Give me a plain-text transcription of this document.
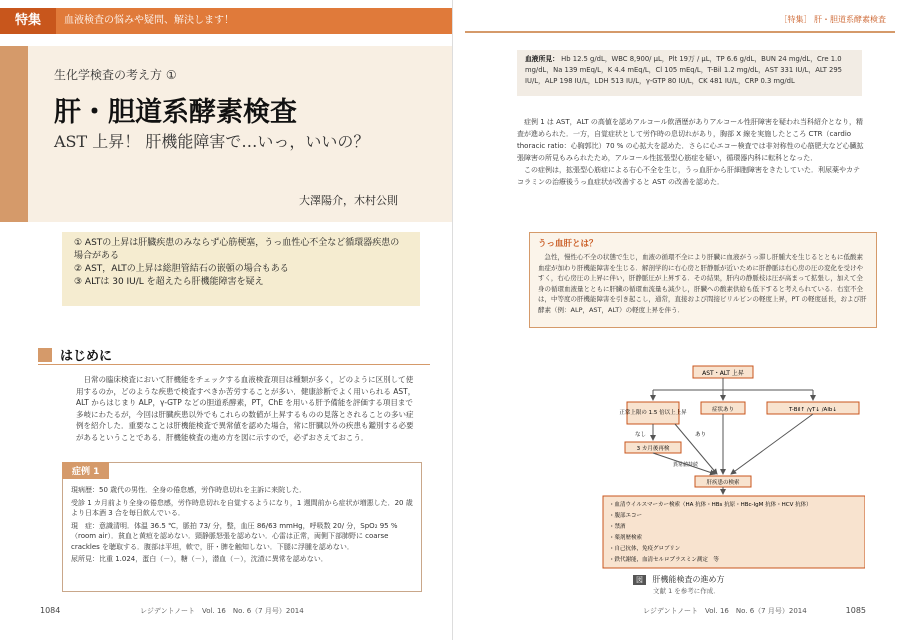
特集	血液検査の悩みや疑問、解決します！
生化学検査の考え方 ①
肝・胆道系酵素検査
AST 上昇！ 肝機能障害で…いっ，いいの？
大澤陽介，木村公則
① ASTの上昇は肝臓疾患のみならず心筋梗塞，うっ血性心不全など循環器疾患の場合がある
② AST，ALTの上昇は総胆管結石の嵌頓の場合もある
③ ALTは 30 IU/L を超えたら肝機能障害を疑え
はじめに
日常の臨床検査において肝機能をチェックする血液検査項目は種類が多く，どのように区別して使用するのか，どのような疾患で検査すべきか苦労することが多い．健康診断でよく用いられる AST，ALT からはじまり ALP，γ-GTP などの胆道系酵素，PT，ChE を用いる肝予備能を評価する項目まで多岐にわたるが，今回は肝臓疾患以外でもこれらの数値が上昇するものの見落とされることの多い症例を紹介した．重要なことは肝機能検査で異常値を認めた場合，常に肝臓以外の疾患も鑑別する必要があるということである．肝機能検査の進め方を図に示すので，必ずおさえておこう．
症例 1
現病歴：50 歳代の男性．全身の倦怠感，労作時息切れを主訴に来院した．
受診 1 カ月前より全身の倦怠感，労作時息切れを自覚するようになり，1 週間前から症状が増悪した．20 歳より日本酒 3 合を毎日飲んでいる．
現　症：意識清明．体温 36.5 ℃，脈拍 73/ 分，整，血圧 86/63 mmHg，呼吸数 20/ 分，SpO₂ 95 %（room air）．貧血と黄疸を認めない．頸静脈怒張を認めない．心雷は正常，両側下部肺野に coarse crackles を聴取する．腹部は平坦，軟で，肝・脾を触知しない．下腿に浮腫を認めない．
尿所見：比重 1.024，蛋白（－），糖（－），潜血（－），沈渣に異常を認めない．
1084	レジデントノート　Vol. 16　No. 6（7 月号）2014
［特集］ 肝・胆道系酵素検査
血液所見： Hb 12.5 g/dL，WBC 8,900/ μL，Plt 19万 / μL，TP 6.6 g/dL，BUN 24 mg/dL，Cre 1.0 mg/dL，Na 139 mEq/L，K 4.4 mEq/L，Cl 105 mEq/L，T-Bil 1.2 mg/dL，AST 331 IU/L，ALT 295 IU/L，ALP 198 IU/L，LDH 513 IU/L，γ-GTP 80 IU/L，CK 481 IU/L，CRP 0.3 mg/dL

症例 1 は AST，ALT の高値を認めアルコール飲酒歴がありアルコール性肝障害を疑われ当科紹介となり，精査が進められた．一方，自覚症状として労作時の息切れがあり，胸部 X 線を実施したところ CTR（cardio thoracic ratio：心胸郭比）70 % の心拡大を認めた．さらに心エコー検査では非対称性の心筋肥大など心臓拡張障害の所見もみられたため，アルコール性拡張型心筋症を疑い，循環器内科に転科となった．

この症例は，拡張型心筋症による右心不全を生じ，うっ血肝から肝細胞障害をきたしていた．利尿薬やカテコラミンの治療後うっ血症状が改善すると AST の改善を認めた．

うっ血肝とは？
急性，慢性心不全の状態で生じ，血液の循環不全により肝臓に血液がうっ滞し肝腫大を生じるとともに低酸素血症が加わり肝機能障害を生じる．解剖学的に右心房と肝静脈が近いために肝静脈は右心房の圧の変化を受けやすく，右心房圧の上昇に伴い，肝静脈圧が上昇する．その結果，肝内の静脈枝は圧が高まって拡張し，加えて全身の循環血液量とともに肝臓の循環血流量も減少し，肝臓への酸素供給も低下すると考えられている．右室不全は，中等度の肝機能障害を引き起こし，通常，直接および間接ビリルビンの軽度上昇，PT の軽度延長，および肝酵素（例：ALP，AST，ALT）の軽度上昇を伴う．
AST・ALT 上昇
正常上限の 1.5 倍以上上昇	症状あり	T-Bil↑ /γT↓ /Alb↓
なし	あり
3 カ月後再検
異常値持続
肝疾患の検索
・血清ウイルスマーカー検索（HA 抗体・HBs 抗原・HBc-IgM 抗体・HCV 抗体）
・腹部エコー
・禁酒
・薬剤歴検索
・自己抗体，免疫グロブリン
・鉄代謝能，血清セルロプラスミン測定　等
図 肝機能検査の進め方
文献 1 を参考に作成．
レジデントノート　Vol. 16　No. 6（7 月号）2014	1085
